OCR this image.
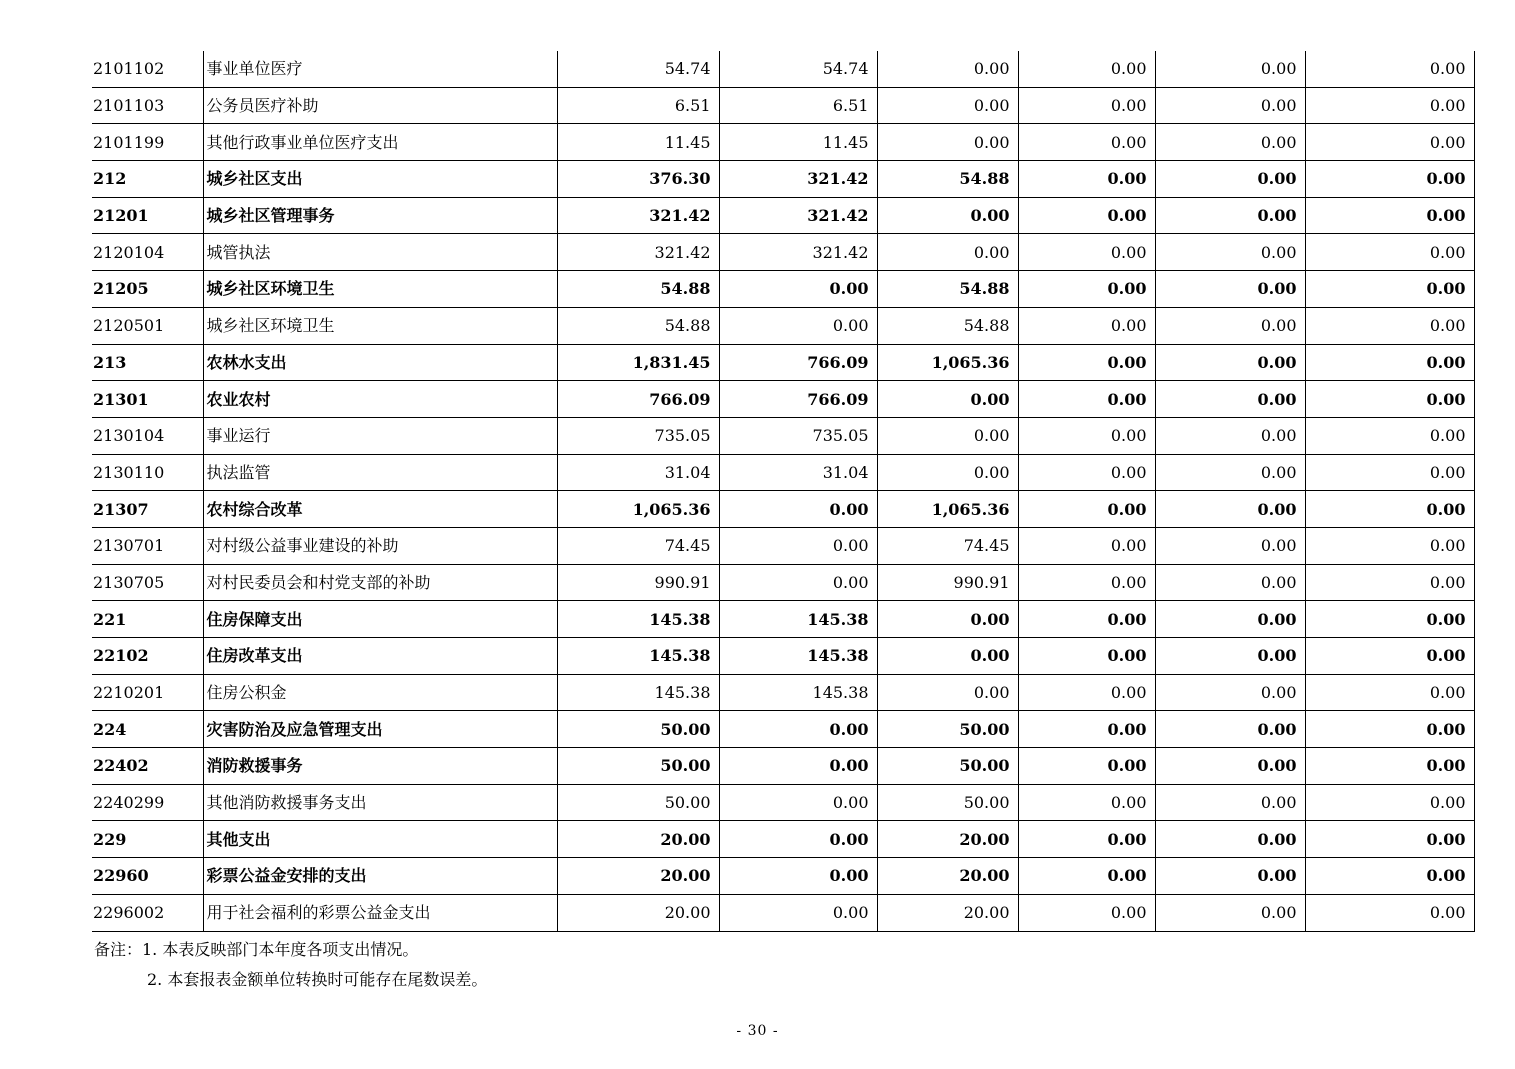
2101102	事业单位医疗	54.74	54.74	0.00	0.00	0.00	0.00
2101103	公务员医疗补助	6.51	6.51	0.00	0.00	0.00	0.00
2101199	其他行政事业单位医疗支出	11.45	11.45	0.00	0.00	0.00	0.00
212	城乡社区支出	376.30	321.42	54.88	0.00	0.00	0.00
21201	城乡社区管理事务	321.42	321.42	0.00	0.00	0.00	0.00
2120104	城管执法	321.42	321.42	0.00	0.00	0.00	0.00
21205	城乡社区环境卫生	54.88	0.00	54.88	0.00	0.00	0.00
2120501	城乡社区环境卫生	54.88	0.00	54.88	0.00	0.00	0.00
213	农林水支出	1,831.45	766.09	1,065.36	0.00	0.00	0.00
21301	农业农村	766.09	766.09	0.00	0.00	0.00	0.00
2130104	事业运行	735.05	735.05	0.00	0.00	0.00	0.00
2130110	执法监管	31.04	31.04	0.00	0.00	0.00	0.00
21307	农村综合改革	1,065.36	0.00	1,065.36	0.00	0.00	0.00
2130701	对村级公益事业建设的补助	74.45	0.00	74.45	0.00	0.00	0.00
2130705	对村民委员会和村党支部的补助	990.91	0.00	990.91	0.00	0.00	0.00
221	住房保障支出	145.38	145.38	0.00	0.00	0.00	0.00
22102	住房改革支出	145.38	145.38	0.00	0.00	0.00	0.00
2210201	住房公积金	145.38	145.38	0.00	0.00	0.00	0.00
224	灾害防治及应急管理支出	50.00	0.00	50.00	0.00	0.00	0.00
22402	消防救援事务	50.00	0.00	50.00	0.00	0.00	0.00
2240299	其他消防救援事务支出	50.00	0.00	50.00	0.00	0.00	0.00
229	其他支出	20.00	0.00	20.00	0.00	0.00	0.00
22960	彩票公益金安排的支出	20.00	0.00	20.00	0.00	0.00	0.00
2296002	用于社会福利的彩票公益金支出	20.00	0.00	20.00	0.00	0.00	0.00
备注：1. 本表反映部门本年度各项支出情况。
2. 本套报表金额单位转换时可能存在尾数误差。
- 30 -
